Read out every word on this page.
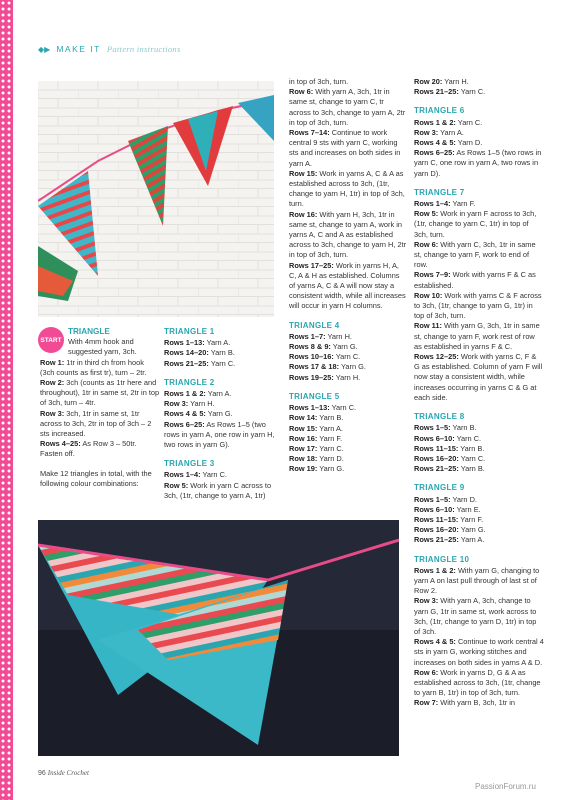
◆▶ MAKE IT Pattern instructions
START

TRIANGLE

With 4mm hook and suggested yarn, 3ch.

Row 1: 1tr in third ch from hook (3ch counts as first tr), turn – 2tr.

Row 2: 3ch (counts as 1tr here and throughout), 1tr in same st, 2tr in top of 3ch, turn – 4tr.

Row 3: 3ch, 1tr in same st, 1tr across to 3ch, 2tr in top of 3ch – 2 sts increased.

Rows 4–25: As Row 3 – 50tr. Fasten off.

Make 12 triangles in total, with the following colour combinations:

TRIANGLE 1

Rows 1–13: Yarn A.

Rows 14–20: Yarn B.

Rows 21–25: Yarn C.

TRIANGLE 2

Rows 1 & 2: Yarn A.

Row 3: Yarn H.

Rows 4 & 5: Yarn G.

Rows 6–25: As Rows 1–5 (two rows in yarn A, one row in yarn H, two rows in yarn G).

TRIANGLE 3

Rows 1–4: Yarn C.

Row 5: Work in yarn C across to 3ch, (1tr, change to yarn A, 1tr)

in top of 3ch, turn.

Row 6: With yarn A, 3ch, 1tr in same st, change to yarn C, tr across to 3ch, change to yarn A, 2tr in top of 3ch, turn.

Rows 7–14: Continue to work central 9 sts with yarn C, working sts and increases on both sides in yarn A.

Row 15: Work in yarns A, C & A as established across to 3ch, (1tr, change to yarn H, 1tr) in top of 3ch, turn.

Row 16: With yarn H, 3ch, 1tr in same st, change to yarn A, work in yarns A, C and A as established across to 3ch, change to yarn H, 2tr in top of 3ch, turn.

Rows 17–25: Work in yarns H, A, C, A & H as established. Columns of yarns A, C & A will now stay a consistent width, while all increases will occur in yarn H columns.

TRIANGLE 4

Rows 1–7: Yarn H.

Rows 8 & 9: Yarn G.

Rows 10–16: Yarn C.

Rows 17 & 18: Yarn G.

Rows 19–25: Yarn H.

TRIANGLE 5

Rows 1–13: Yarn C.

Row 14: Yarn B.

Row 15: Yarn A.

Row 16: Yarn F.

Row 17: Yarn C.

Row 18: Yarn D.

Row 19: Yarn G.

Row 20: Yarn H.

Rows 21–25: Yarn C.

TRIANGLE 6

Rows 1 & 2: Yarn C.

Row 3: Yarn A.

Rows 4 & 5: Yarn D.

Rows 6–25: As Rows 1–5 (two rows in yarn C, one row in yarn A, two rows in yarn D).

TRIANGLE 7

Rows 1–4: Yarn F.

Row 5: Work in yarn F across to 3ch, (1tr, change to yarn C, 1tr) in top of 3ch, turn.

Row 6: With yarn C, 3ch, 1tr in same st, change to yarn F, work to end of row.

Rows 7–9: Work with yarns F & C as established.

Row 10: Work with yarns C & F across to 3ch, (1tr, change to yarn G, 1tr) in top of 3ch, turn.

Row 11: With yarn G, 3ch, 1tr in same st, change to yarn F, work rest of row as established in yarns F & C.

Rows 12–25: Work with yarns C, F & G as established. Column of yarn F will now stay a consistent width, while increases occurring in yarns C & G at each side.

TRIANGLE 8

Rows 1–5: Yarn B.

Rows 6–10: Yarn C.

Rows 11–15: Yarn B.

Rows 16–20: Yarn C.

Rows 21–25: Yarn B.

TRIANGLE 9

Rows 1–5: Yarn D.

Rows 6–10: Yarn E.

Rows 11–15: Yarn F.

Rows 16–20: Yarn G.

Rows 21–25: Yarn A.

TRIANGLE 10

Rows 1 & 2: With yarn G, changing to yarn A on last pull through of last st of Row 2.

Row 3: With yarn A, 3ch, change to yarn G, 1tr in same st, work across to 3ch, (1tr, change to yarn D, 1tr) in top of 3ch.

Rows 4 & 5: Continue to work central 4 sts in yarn G, working stitches and increases on both sides in yarns A & D.

Row 6: Work in yarns D, G & A as established across to 3ch, (1tr, change to yarn B, 1tr) in top of 3ch, turn.

Row 7: With yarn B, 3ch, 1tr in

96 Inside Crochet
PassionForum.ru
